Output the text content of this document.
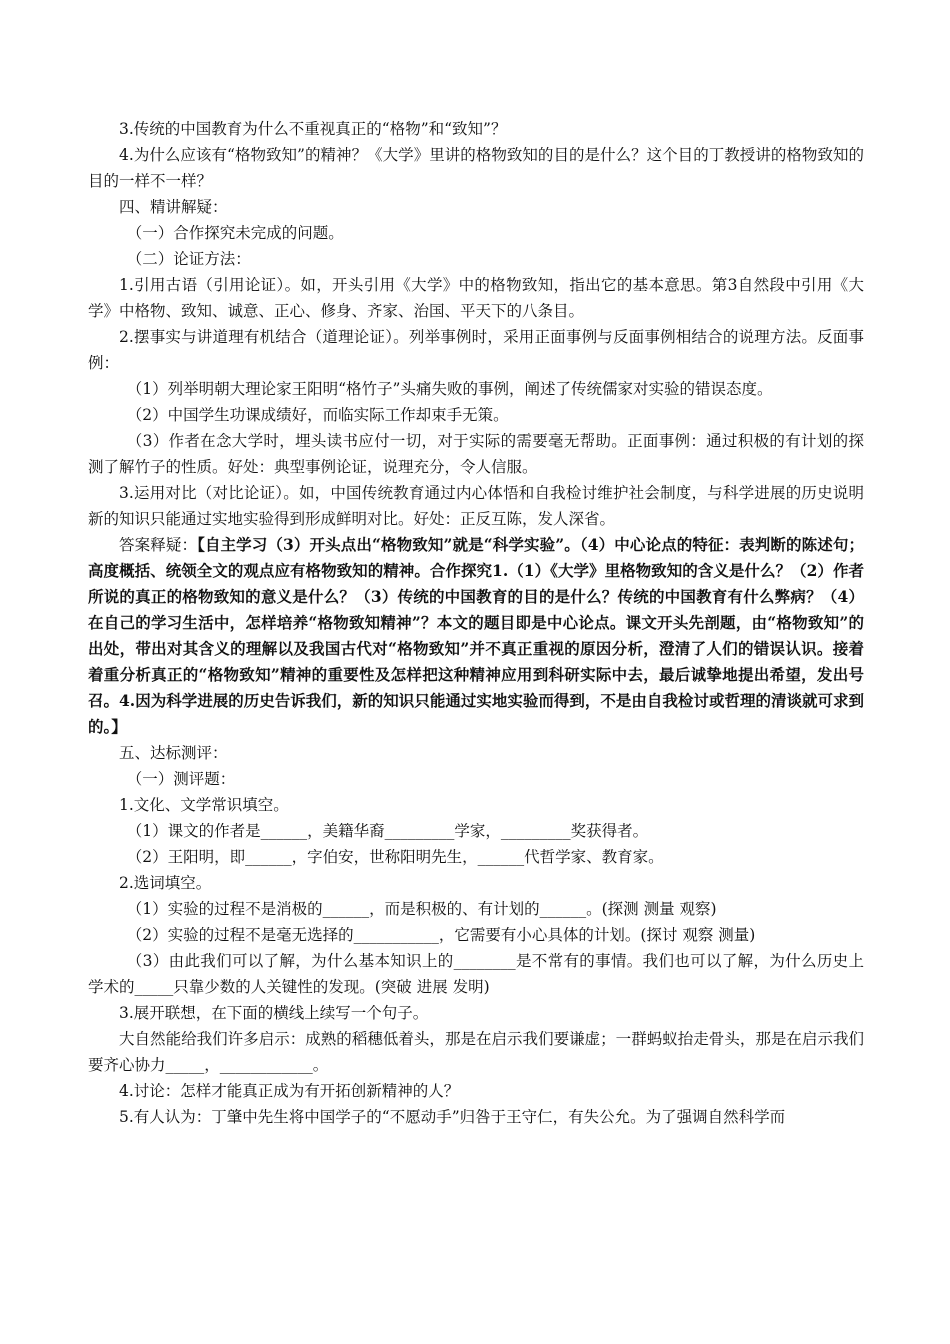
3.传统的中国教育为什么不重视真正的“格物”和“致知”？

4.为什么应该有“格物致知”的精神？《大学》里讲的格物致知的目的是什么？这个目的丁教授讲的格物致知的目的一样不一样？

四、精讲解疑：

（一）合作探究未完成的问题。

（二）论证方法：

1.引用古语（引用论证）。如，开头引用《大学》中的格物致知，指出它的基本意思。第3自然段中引用《大学》中格物、致知、诚意、正心、修身、齐家、治国、平天下的八条目。

2.摆事实与讲道理有机结合（道理论证）。列举事例时，采用正面事例与反面事例相结合的说理方法。反面事例：

（1）列举明朝大理论家王阳明“格竹子”头痛失败的事例，阐述了传统儒家对实验的错误态度。

（2）中国学生功课成绩好，而临实际工作却束手无策。

（3）作者在念大学时，埋头读书应付一切，对于实际的需要毫无帮助。正面事例：通过积极的有计划的探测了解竹子的性质。好处：典型事例论证，说理充分，令人信服。

3.运用对比（对比论证）。如，中国传统教育通过内心体悟和自我检讨维护社会制度，与科学进展的历史说明新的知识只能通过实地实验得到形成鲜明对比。好处：正反互陈，发人深省。

答案释疑：【自主学习（3）开头点出“格物致知”就是“科学实验”。（4）中心论点的特征：表判断的陈述句；高度概括、统领全文的观点应有格物致知的精神。合作探究1.（1）《大学》里格物致知的含义是什么？（2）作者所说的真正的格物致知的意义是什么？（3）传统的中国教育的目的是什么？传统的中国教育有什么弊病？（4）在自己的学习生活中，怎样培养“格物致知精神”？本文的题目即是中心论点。课文开头先剖题，由“格物致知”的出处，带出对其含义的理解以及我国古代对“格物致知”并不真正重视的原因分析，澄清了人们的错误认识。接着着重分析真正的“格物致知”精神的重要性及怎样把这种精神应用到科研实际中去，最后诚挚地提出希望，发出号召。4.因为科学进展的历史告诉我们，新的知识只能通过实地实验而得到，不是由自我检讨或哲理的清谈就可求到的。】

五、达标测评：

（一）测评题：

1.文化、文学常识填空。

（1）课文的作者是______，美籍华裔_________学家，_________奖获得者。

（2）王阳明，即______，字伯安，世称阳明先生，______代哲学家、教育家。

2.选词填空。

（1）实验的过程不是消极的______，而是积极的、有计划的______。(探测 测量 观察)

（2）实验的过程不是毫无选择的___________，它需要有小心具体的计划。(探讨 观察 测量)

（3）由此我们可以了解，为什么基本知识上的________是不常有的事情。我们也可以了解，为什么历史上学术的_____只靠少数的人关键性的发现。(突破 进展 发明)

3.展开联想，在下面的横线上续写一个句子。

大自然能给我们许多启示：成熟的稻穗低着头，那是在启示我们要谦虚；一群蚂蚁抬走骨头，那是在启示我们要齐心协力_____，____________。

4.讨论：怎样才能真正成为有开拓创新精神的人？

5.有人认为：丁肇中先生将中国学子的“不愿动手”归咎于王守仁，有失公允。为了强调自然科学而
